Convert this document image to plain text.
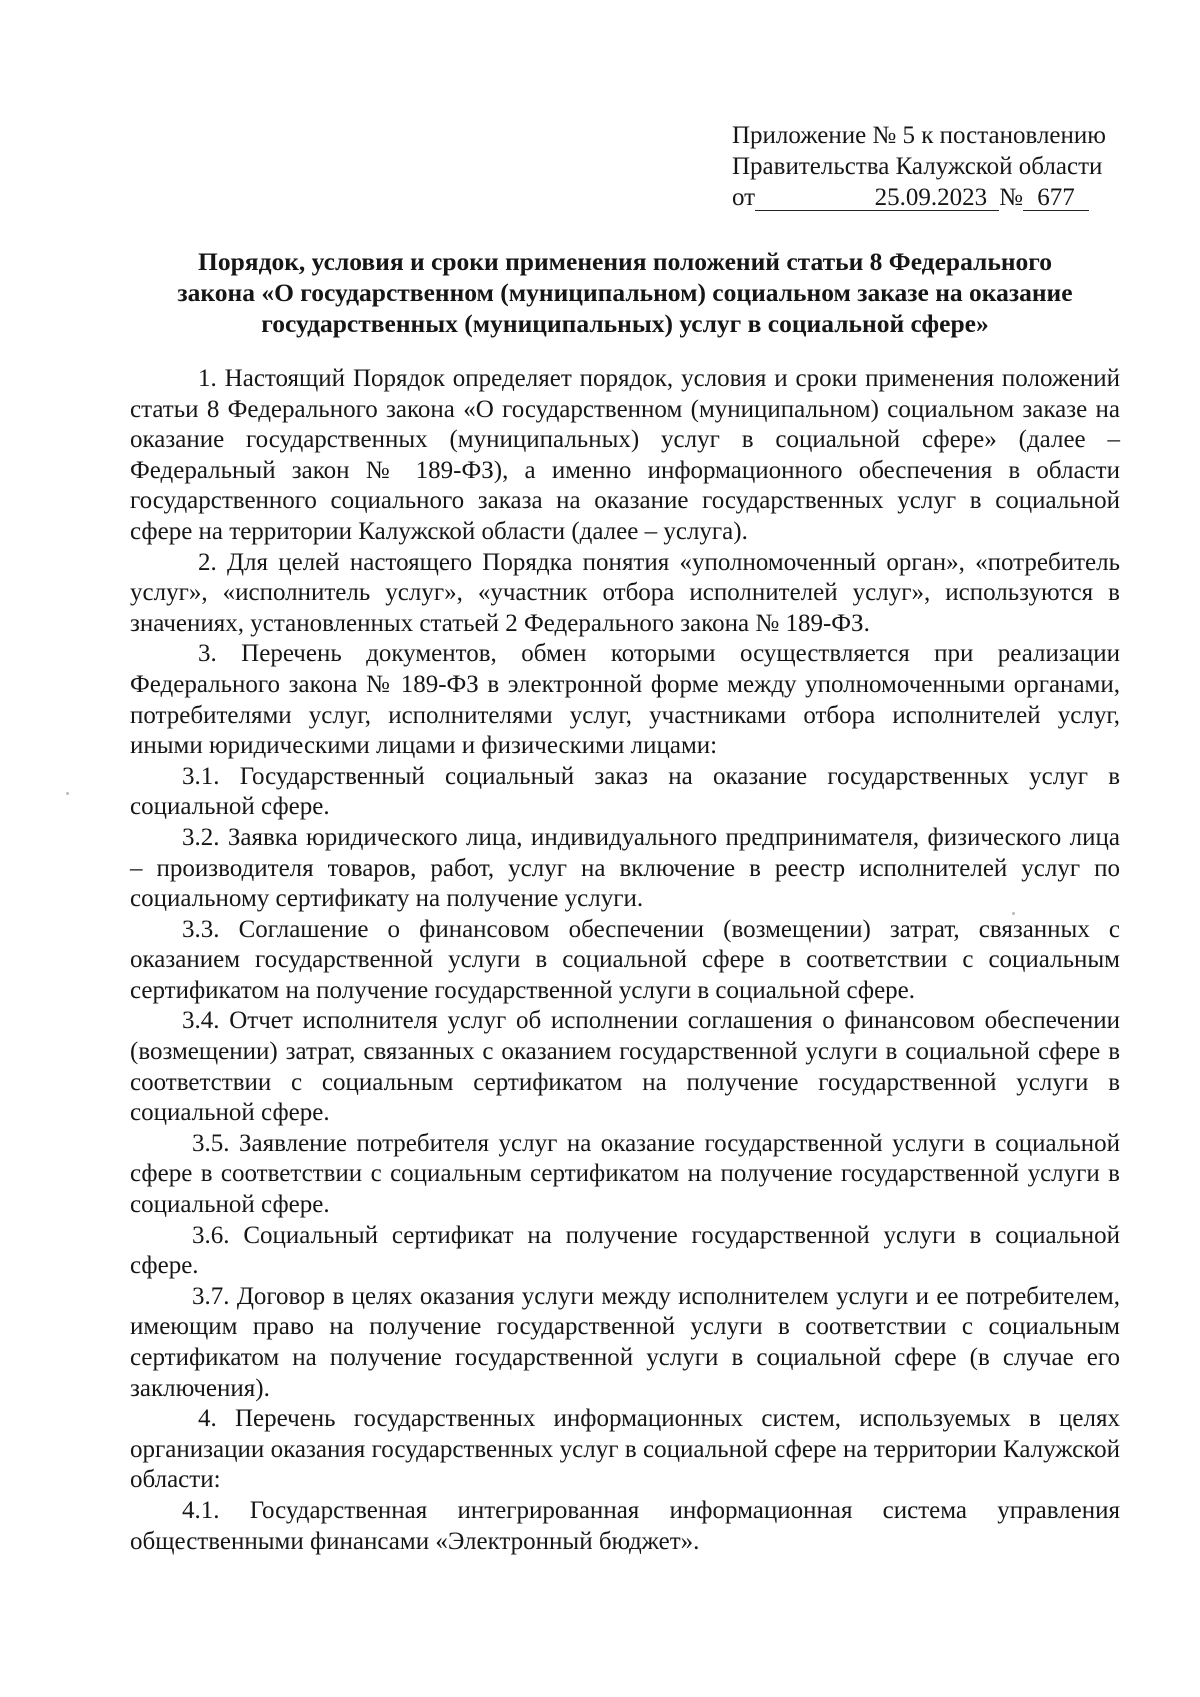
Приложение № 5 к постановлению
Правительства Калужской области
от	25.09.2023 № 677
Порядок, условия и сроки применения положений статьи 8 Федерального
закона «О государственном (муниципальном) социальном заказе на оказание
государственных (муниципальных) услуг в социальной сфере»

1. Настоящий Порядок определяет порядок, условия и сроки применения положений статьи 8 Федерального закона «О государственном (муниципальном) социальном заказе на оказание государственных (муниципальных) услуг в социальной сфере» (далее – Федеральный закон № 189-ФЗ), а именно информационного обеспечения в области государственного социального заказа на оказание государственных услуг в социальной сфере на территории Калужской области (далее – услуга).

2. Для целей настоящего Порядка понятия «уполномоченный орган», «потребитель услуг», «исполнитель услуг», «участник отбора исполнителей услуг», используются в значениях, установленных статьей 2 Федерального закона № 189-ФЗ.

3. Перечень документов, обмен которыми осуществляется при реализации Федерального закона № 189-ФЗ в электронной форме между уполномоченными органами, потребителями услуг, исполнителями услуг, участниками отбора исполнителей услуг, иными юридическими лицами и физическими лицами:

3.1. Государственный социальный заказ на оказание государственных услуг в социальной сфере.

3.2. Заявка юридического лица, индивидуального предпринимателя, физического лица – производителя товаров, работ, услуг на включение в реестр исполнителей услуг по социальному сертификату на получение услуги.

3.3. Соглашение о финансовом обеспечении (возмещении) затрат, связанных с оказанием государственной услуги в социальной сфере в соответствии с социальным сертификатом на получение государственной услуги в социальной сфере.

3.4. Отчет исполнителя услуг об исполнении соглашения о финансовом обеспечении (возмещении) затрат, связанных с оказанием государственной услуги в социальной сфере в соответствии с социальным сертификатом на получение государственной услуги в социальной сфере.

3.5. Заявление потребителя услуг на оказание государственной услуги в социальной сфере в соответствии с социальным сертификатом на получение государственной услуги в социальной сфере.

3.6. Социальный сертификат на получение государственной услуги в социальной сфере.

3.7. Договор в целях оказания услуги между исполнителем услуги и ее потребителем, имеющим право на получение государственной услуги в соответствии с социальным сертификатом на получение государственной услуги в социальной сфере (в случае его заключения).

4. Перечень государственных информационных систем, используемых в целях организации оказания государственных услуг в социальной сфере на территории Калужской области:

4.1. Государственная интегрированная информационная система управления общественными финансами «Электронный бюджет».
